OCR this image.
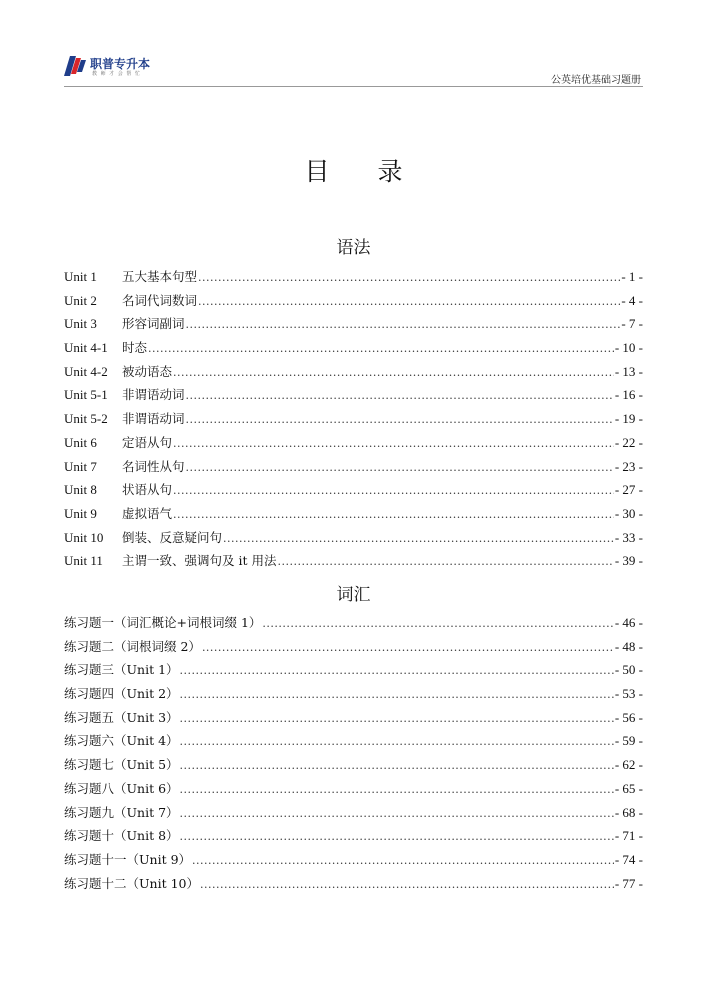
职普专升本
教 师 才 会 帮 忙
公英培优基础习题册
目 录
语法
Unit 1 五大基本句型 .....	- 1 -
Unit 2 名词代词数词 .....	- 4 -
Unit 3 形容词副词 .....	- 7 -
Unit 4-1 时态 .....	- 10 -
Unit 4-2 被动语态 .....	- 13 -
Unit 5-1 非谓语动词 .....	- 16 -
Unit 5-2 非谓语动词 .....	- 19 -
Unit 6 定语从句 .....	- 22 -
Unit 7 名词性从句 .....	- 23 -
Unit 8 状语从句 .....	- 27 -
Unit 9 虚拟语气 .....	- 30 -
Unit 10 倒装、反意疑问句 .....	- 33 -
Unit 11 主谓一致、强调句及 it 用法 .....	- 39 -
词汇
练习题一（词汇概论+词根词缀 1） .....	- 46 -
练习题二（词根词缀 2） .....	- 48 -
练习题三（Unit 1） .....	- 50 -
练习题四（Unit 2） .....	- 53 -
练习题五（Unit 3） .....	- 56 -
练习题六（Unit 4） .....	- 59 -
练习题七（Unit 5） .....	- 62 -
练习题八（Unit 6） .....	- 65 -
练习题九（Unit 7） .....	- 68 -
练习题十（Unit 8） .....	- 71 -
练习题十一（Unit 9） .....	- 74 -
练习题十二（Unit 10） .....	- 77 -
